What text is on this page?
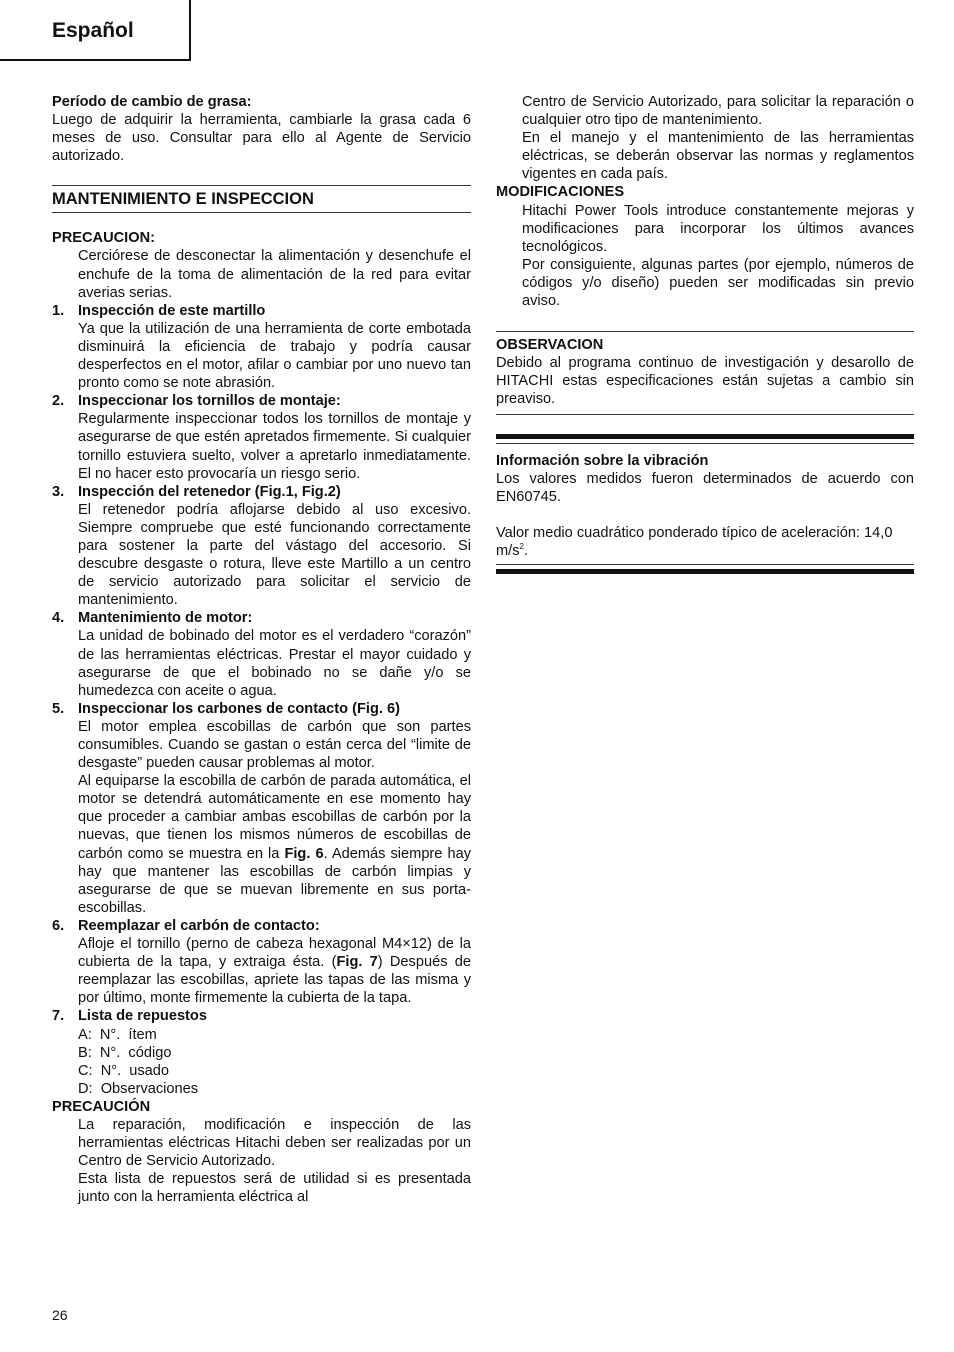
Español

Período de cambio de grasa:

Luego de adquirir la herramienta, cambiarle la grasa cada 6 meses de uso. Consultar para ello al Agente de Servicio autorizado.

MANTENIMIENTO E INSPECCION

PRECAUCION:

Cerciórese de desconectar la alimentación y desenchufe el enchufe de la toma de alimentación de la red para evitar averias serias.

1. Inspección de este martillo

Ya que la utilización de una herramienta de corte embotada disminuirá la eficiencia de trabajo y podría causar desperfectos en el motor, afilar o cambiar por uno nuevo tan pronto como se note abrasión.

2. Inspeccionar los tornillos de montaje:

Regularmente inspeccionar todos los tornillos de montaje y asegurarse de que estén apretados firmemente. Si cualquier tornillo estuviera suelto, volver a apretarlo inmediatamente. El no hacer esto provocaría un riesgo serio.

3. Inspección del retenedor (Fig.1, Fig.2)

El retenedor podría aflojarse debido al uso excesivo. Siempre compruebe que esté funcionando correctamente para sostener la parte del vástago del accesorio. Si descubre desgaste o rotura, lleve este Martillo a un centro de servicio autorizado para solicitar el servicio de mantenimiento.

4. Mantenimiento de motor:

La unidad de bobinado del motor es el verdadero “corazón” de las herramientas eléctricas. Prestar el mayor cuidado y asegurarse de que el bobinado no se dañe y/o se humedezca con aceite o agua.

5. Inspeccionar los carbones de contacto (Fig. 6)

El motor emplea escobillas de carbón que son partes consumibles. Cuando se gastan o están cerca del “limite de desgaste” pueden causar problemas al motor.

Al equiparse la escobilla de carbón de parada automática, el motor se detendrá automáticamente en ese momento hay que proceder a cambiar ambas escobillas de carbón por la nuevas, que tienen los mismos números de escobillas de carbón como se muestra en la Fig. 6. Además siempre hay hay que mantener las escobillas de carbón limpias y asegurarse de que se muevan libremente en sus porta-escobillas.

6. Reemplazar el carbón de contacto:

Afloje el tornillo (perno de cabeza hexagonal M4×12) de la cubierta de la tapa, y extraiga ésta. (Fig. 7) Después de reemplazar las escobillas, apriete las tapas de las misma y por último, monte firmemente la cubierta de la tapa.

7. Lista de repuestos

A:  N°.  ítem

B:  N°.  código

C:  N°.  usado

D:  Observaciones

PRECAUCIÓN

La reparación, modificación e inspección de las herramientas eléctricas Hitachi deben ser realizadas por un Centro de Servicio Autorizado.

Esta lista de repuestos será de utilidad si es presentada junto con la herramienta eléctrica al

Centro de Servicio Autorizado, para solicitar la reparación o cualquier otro tipo de mantenimiento.

En el manejo y el mantenimiento de las herramientas eléctricas, se deberán observar las normas y reglamentos vigentes en cada país.

MODIFICACIONES

Hitachi Power Tools introduce constantemente mejoras y modificaciones para incorporar los últimos avances tecnológicos.

Por consiguiente, algunas partes (por ejemplo, números de códigos y/o diseño) pueden ser modificadas sin previo aviso.

OBSERVACION

Debido al programa continuo de investigación y desarollo de HITACHI estas especificaciones están sujetas a cambio sin preaviso.

Información sobre la vibración

Los valores medidos fueron determinados de acuerdo con EN60745.

Valor medio cuadrático ponderado típico de aceleración: 14,0 $m/s^2$.

26
